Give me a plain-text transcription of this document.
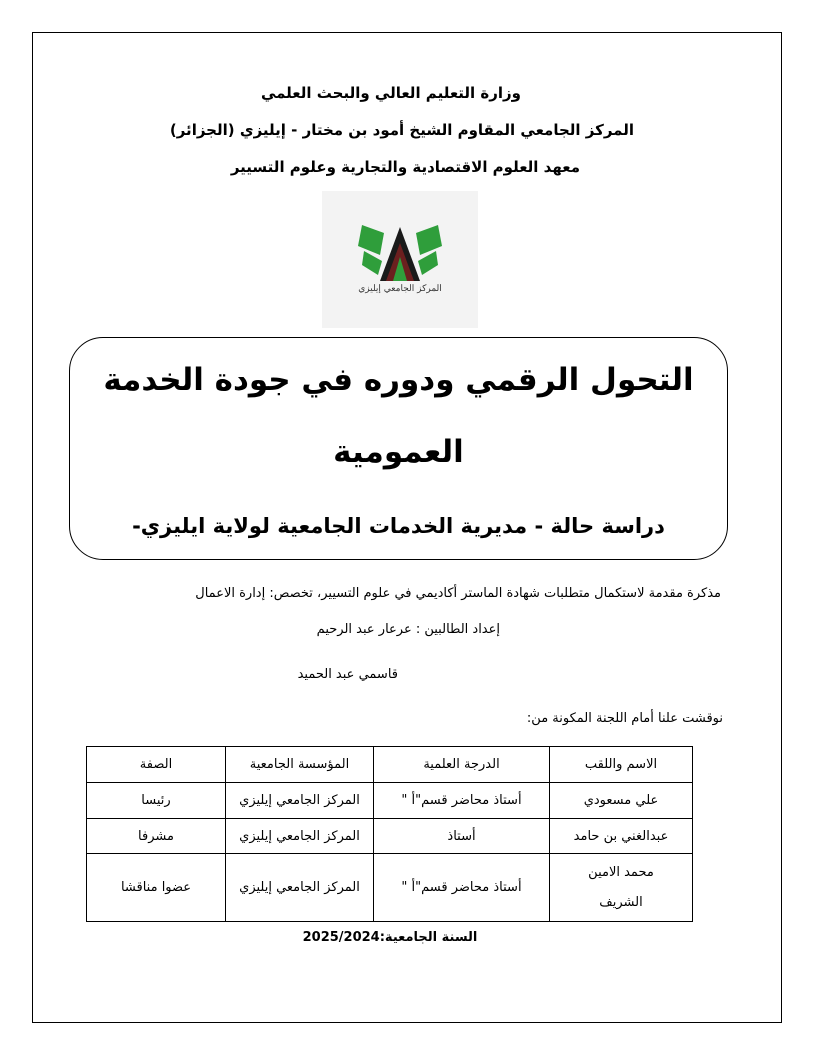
وزارة التعليم العالي والبحث العلمي
المركز الجامعي المقاوم الشيخ أمود بن مختار - إيليزي (الجزائر)
معهد العلوم الاقتصادية والتجارية وعلوم التسيير
المركز الجامعي إيليزي
التحول الرقمي ودوره في جودة الخدمة
العمومية
دراسة حالة - مديرية الخدمات الجامعية لولاية ايليزي-
مذكرة مقدمة لاستكمال متطلبات شهادة الماستر أكاديمي في علوم التسيير، تخصص: إدارة الاعمال
إعداد الطالبين : عرعار عبد الرحيم
قاسمي عبد الحميد
نوقشت علنا أمام اللجنة المكونة من:
الاسم واللقب	الدرجة العلمية	المؤسسة الجامعية	الصفة
علي مسعودي	أستاذ محاضر قسم"أ "	المركز الجامعي إيليزي	رئيسا
عبدالغني بن حامد	أستاذ	المركز الجامعي إيليزي	مشرفا

محمد الامين
الشريف	أستاذ محاضر قسم"أ "	المركز الجامعي إيليزي	عضوا مناقشا
السنة الجامعية:2025/2024
